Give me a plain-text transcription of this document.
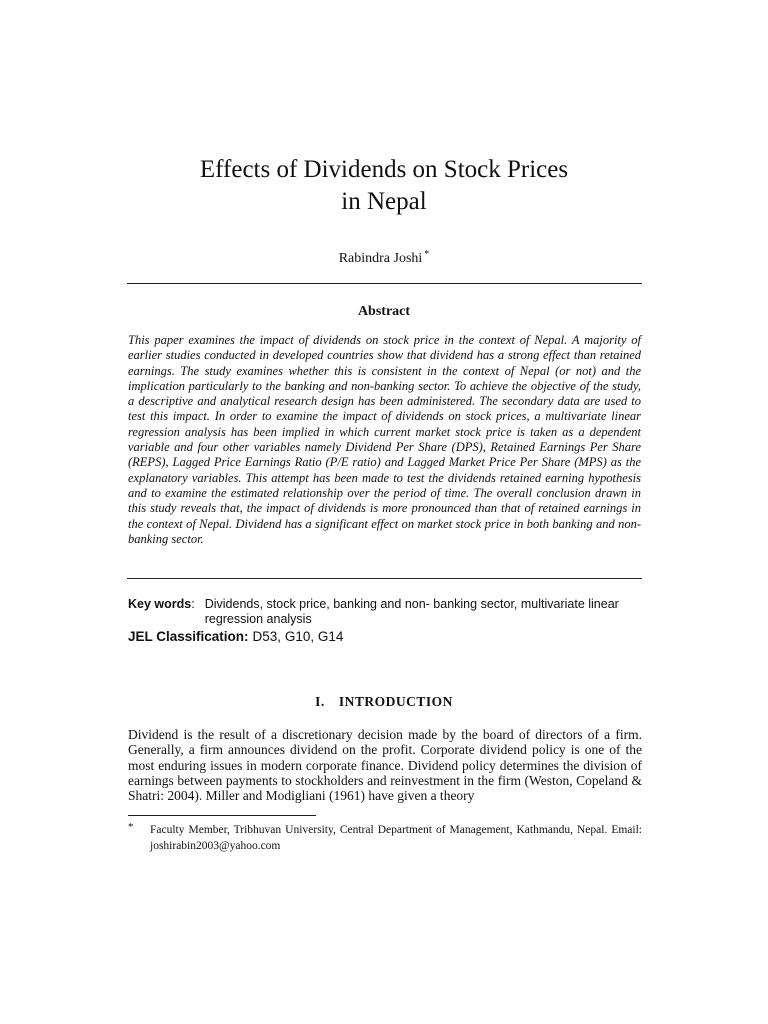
Effects of Dividends on Stock Prices
in Nepal
Rabindra Joshi *
Abstract

This paper examines the impact of dividends on stock price in the context of Nepal. A majority of earlier studies conducted in developed countries show that dividend has a strong effect than retained earnings. The study examines whether this is consistent in the context of Nepal (or not) and the implication particularly to the banking and non-banking sector. To achieve the objective of the study, a descriptive and analytical research design has been administered. The secondary data are used to test this impact. In order to examine the impact of dividends on stock prices, a multivariate linear regression analysis has been implied in which current market stock price is taken as a dependent variable and four other variables namely Dividend Per Share (DPS), Retained Earnings Per Share (REPS), Lagged Price Earnings Ratio (P/E ratio) and Lagged Market Price Per Share (MPS) as the explanatory variables. This attempt has been made to test the dividends retained earning hypothesis and to examine the estimated relationship over the period of time. The overall conclusion drawn in this study reveals that, the impact of dividends is more pronounced than that of retained earnings in the context of Nepal. Dividend has a significant effect on market stock price in both banking and non-banking sector.

Key words : Dividends, stock price, banking and non- banking sector, multivariate linear regression analysis
JEL Classification: D53, G10, G14
I. INTRODUCTION

Dividend is the result of a discretionary decision made by the board of directors of a firm. Generally, a firm announces dividend on the profit. Corporate dividend policy is one of the most enduring issues in modern corporate finance. Dividend policy determines the division of earnings between payments to stockholders and reinvestment in the firm (Weston, Copeland & Shatri: 2004). Miller and Modigliani (1961) have given a theory

*	Faculty Member, Tribhuvan University, Central Department of Management, Kathmandu, Nepal. Email: joshirabin2003@yahoo.com
